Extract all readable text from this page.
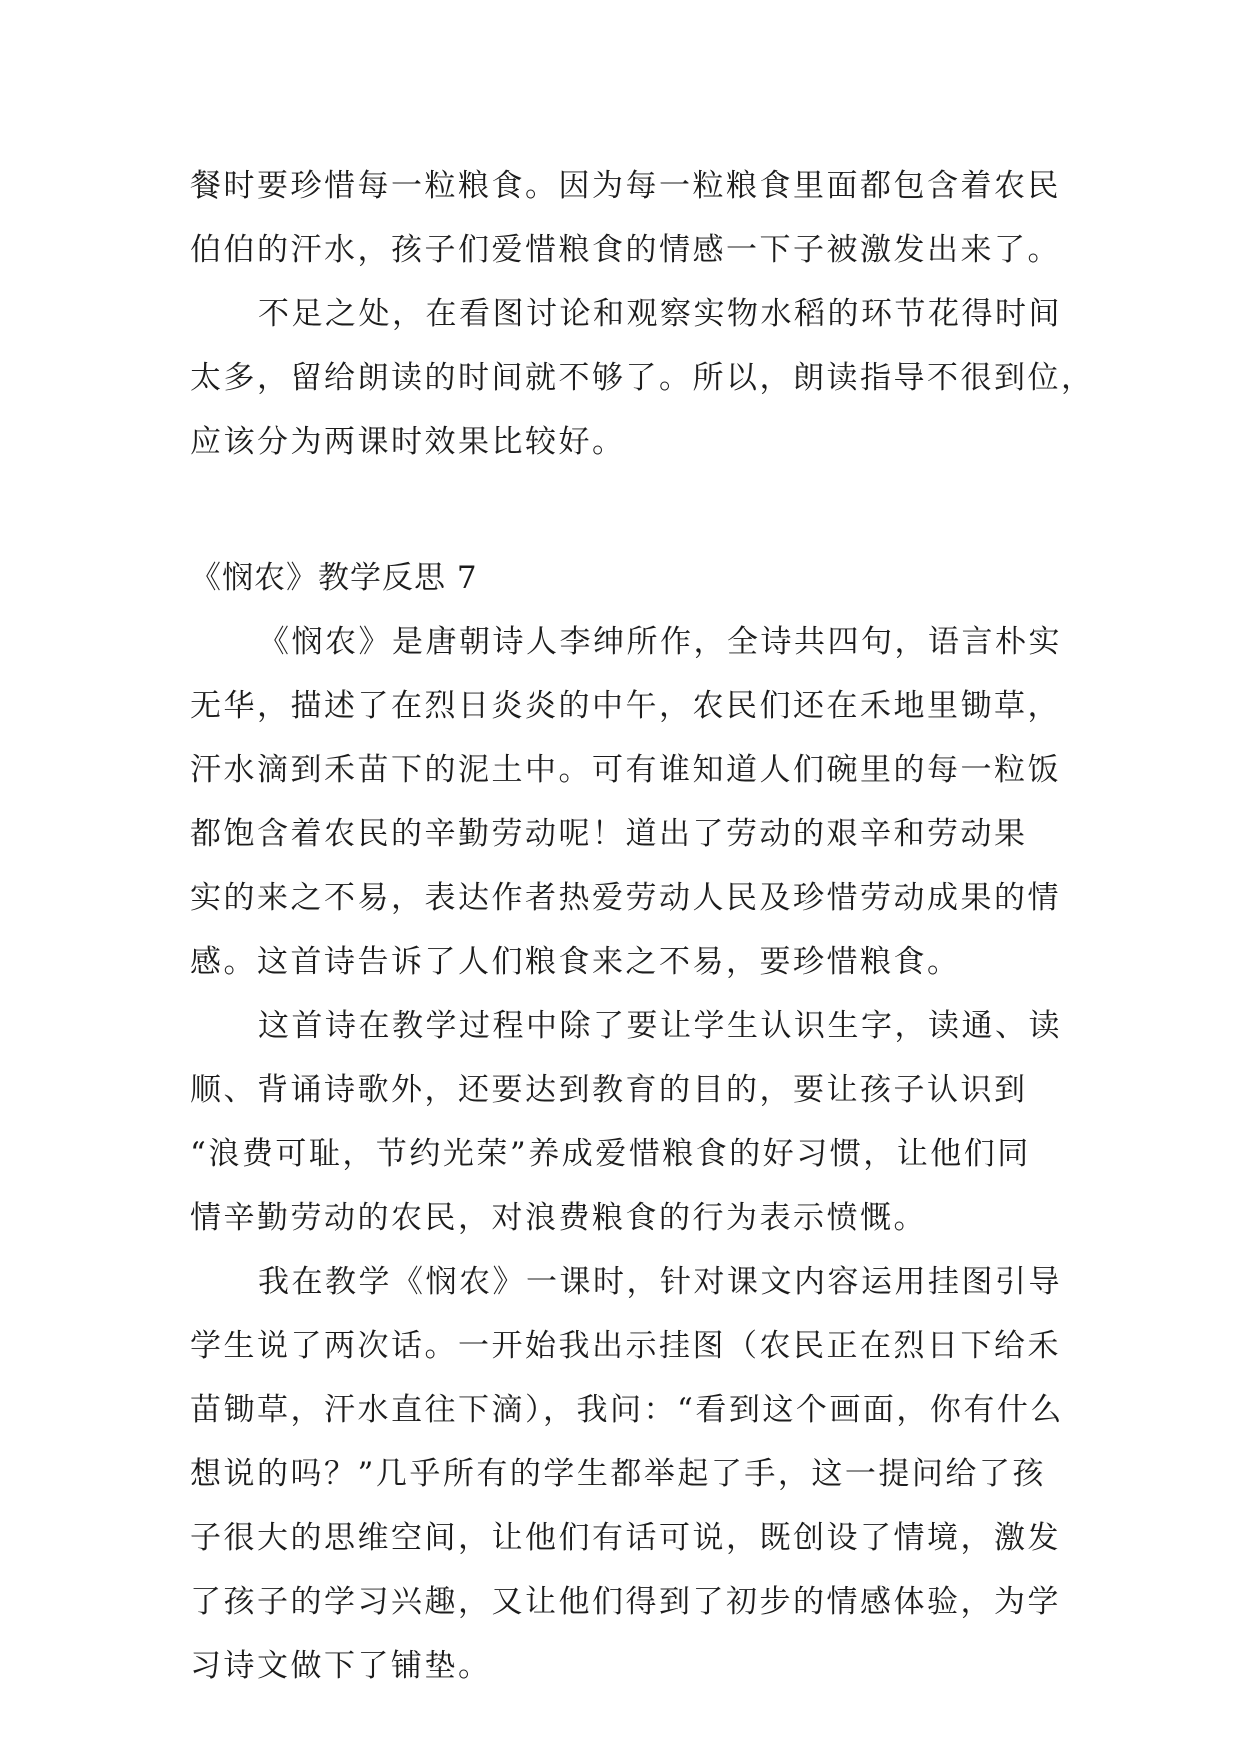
餐时要珍惜每一粒粮食。因为每一粒粮食里面都包含着农民
伯伯的汗水，孩子们爱惜粮食的情感一下子被激发出来了。
不足之处，在看图讨论和观察实物水稻的环节花得时间
太多，留给朗读的时间就不够了。所以，朗读指导不很到位，
应该分为两课时效果比较好。
《悯农》教学反思 7
《悯农》是唐朝诗人李绅所作，全诗共四句，语言朴实
无华，描述了在烈日炎炎的中午，农民们还在禾地里锄草，
汗水滴到禾苗下的泥土中。可有谁知道人们碗里的每一粒饭
都饱含着农民的辛勤劳动呢！道出了劳动的艰辛和劳动果
实的来之不易，表达作者热爱劳动人民及珍惜劳动成果的情
感。这首诗告诉了人们粮食来之不易，要珍惜粮食。
这首诗在教学过程中除了要让学生认识生字，读通、读
顺、背诵诗歌外，还要达到教育的目的，要让孩子认识到
“浪费可耻，节约光荣”养成爱惜粮食的好习惯，让他们同
情辛勤劳动的农民，对浪费粮食的行为表示愤慨。
我在教学《悯农》一课时，针对课文内容运用挂图引导
学生说了两次话。一开始我出示挂图（农民正在烈日下给禾
苗锄草，汗水直往下滴），我问：“看到这个画面，你有什么
想说的吗？”几乎所有的学生都举起了手，这一提问给了孩
子很大的思维空间，让他们有话可说，既创设了情境，激发
了孩子的学习兴趣，又让他们得到了初步的情感体验，为学
习诗文做下了铺垫。
